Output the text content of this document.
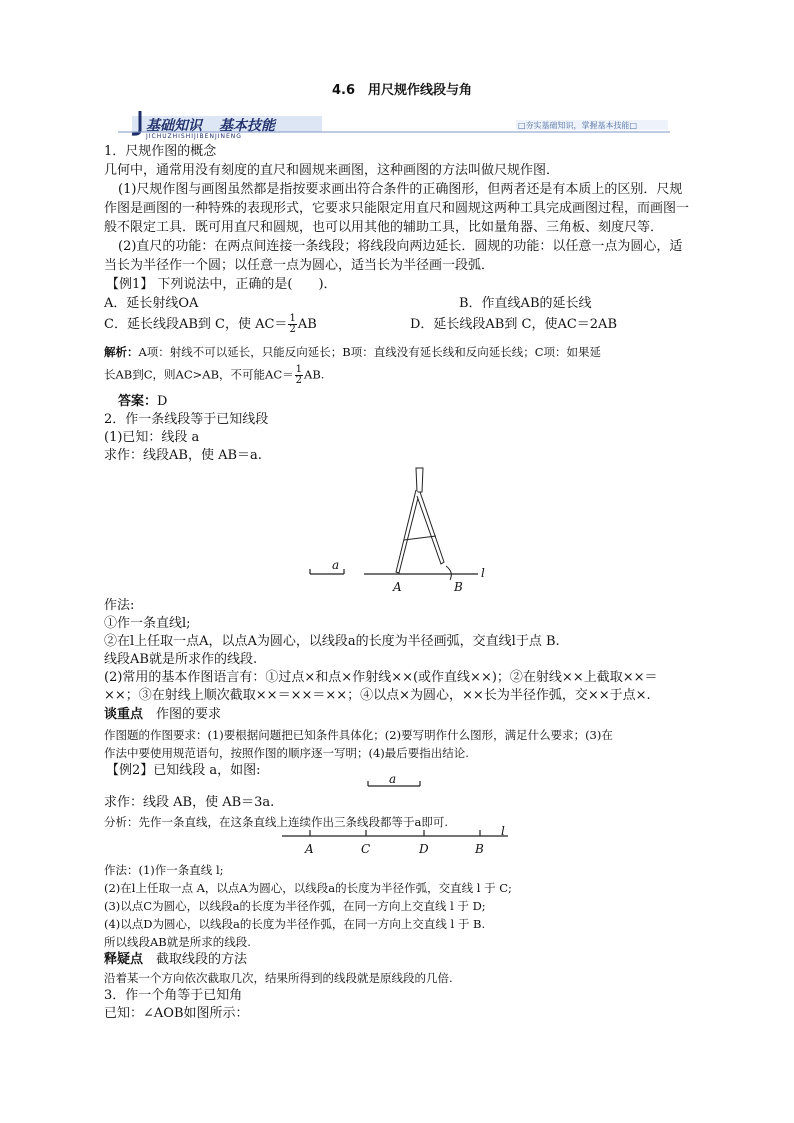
4.6　用尺规作线段与角
基础知识 基本技能
JICHUZHISHIJIBENJINENG
□夯实基础知识，掌握基本技能□
1．尺规作图的概念
几何中，通常用没有刻度的直尺和圆规来画图，这种画图的方法叫做尺规作图．
(1)尺规作图与画图虽然都是指按要求画出符合条件的正确图形，但两者还是有本质上的区别．尺规
作图是画图的一种特殊的表现形式，它要求只能限定用直尺和圆规这两种工具完成画图过程，而画图一
般不限定工具．既可用直尺和圆规，也可以用其他的辅助工具，比如量角器、三角板、刻度尺等．
(2)直尺的功能：在两点间连接一条线段；将线段向两边延长．圆规的功能：以任意一点为圆心，适
当长为半径作一个圆；以任意一点为圆心，适当长为半径画一段弧．
【例1】 下列说法中，正确的是(　　)．
A．延长射线OA	B．作直线AB的延长线
C．延长线段AB到 C，使 $AC= \frac{1}{2}$ AB	D．延长线段AB到 C，使AC＝2AB
解析：A项：射线不可以延长，只能反向延长；B项：直线没有延长线和反向延长线；C项：如果延
长AB到C，则AC>AB，不可能$AC= \frac{1}{2}$ AB.
答案：D
2．作一条线段等于已知线段
(1)已知：线段 a
求作：线段AB，使 AB＝a.
a
A	B
l
作法:
①作一条直线l;
②在l上任取一点A，以点A为圆心，以线段a的长度为半径画弧，交直线l于点 B.
线段AB就是所求作的线段.
(2)常用的基本作图语言有：①过点×和点×作射线××(或作直线××)；②在射线××上截取××＝
××；③在射线上顺次截取××＝××＝××；④以点×为圆心，××长为半径作弧，交××于点×.
谈重点　 作图的要求
作图题的作图要求：(1)要根据问题把已知条件具体化；(2)要写明作什么图形，满足什么要求；(3)在
作法中要使用规范语句，按照作图的顺序逐一写明；(4)最后要指出结论.
【例2】已知线段 a，如图:
a
求作：线段 AB，使 AB＝3a.
分析：先作一条直线，在这条直线上连续作出三条线段都等于a即可.
A	C	D	B
l
作法：(1)作一条直线 l;
(2)在l上任取一点 A，以点A为圆心，以线段a的长度为半径作弧，交直线 l 于 C;
(3)以点C为圆心，以线段a的长度为半径作弧，在同一方向上交直线 l 于 D;
(4)以点D为圆心，以线段a的长度为半径作弧，在同一方向上交直线 l 于 B.
所以线段AB就是所求的线段.
释疑点　 截取线段的方法
沿着某一个方向依次截取几次，结果所得到的线段就是原线段的几倍.
3．作一个角等于已知角
已知：∠AOB如图所示：
